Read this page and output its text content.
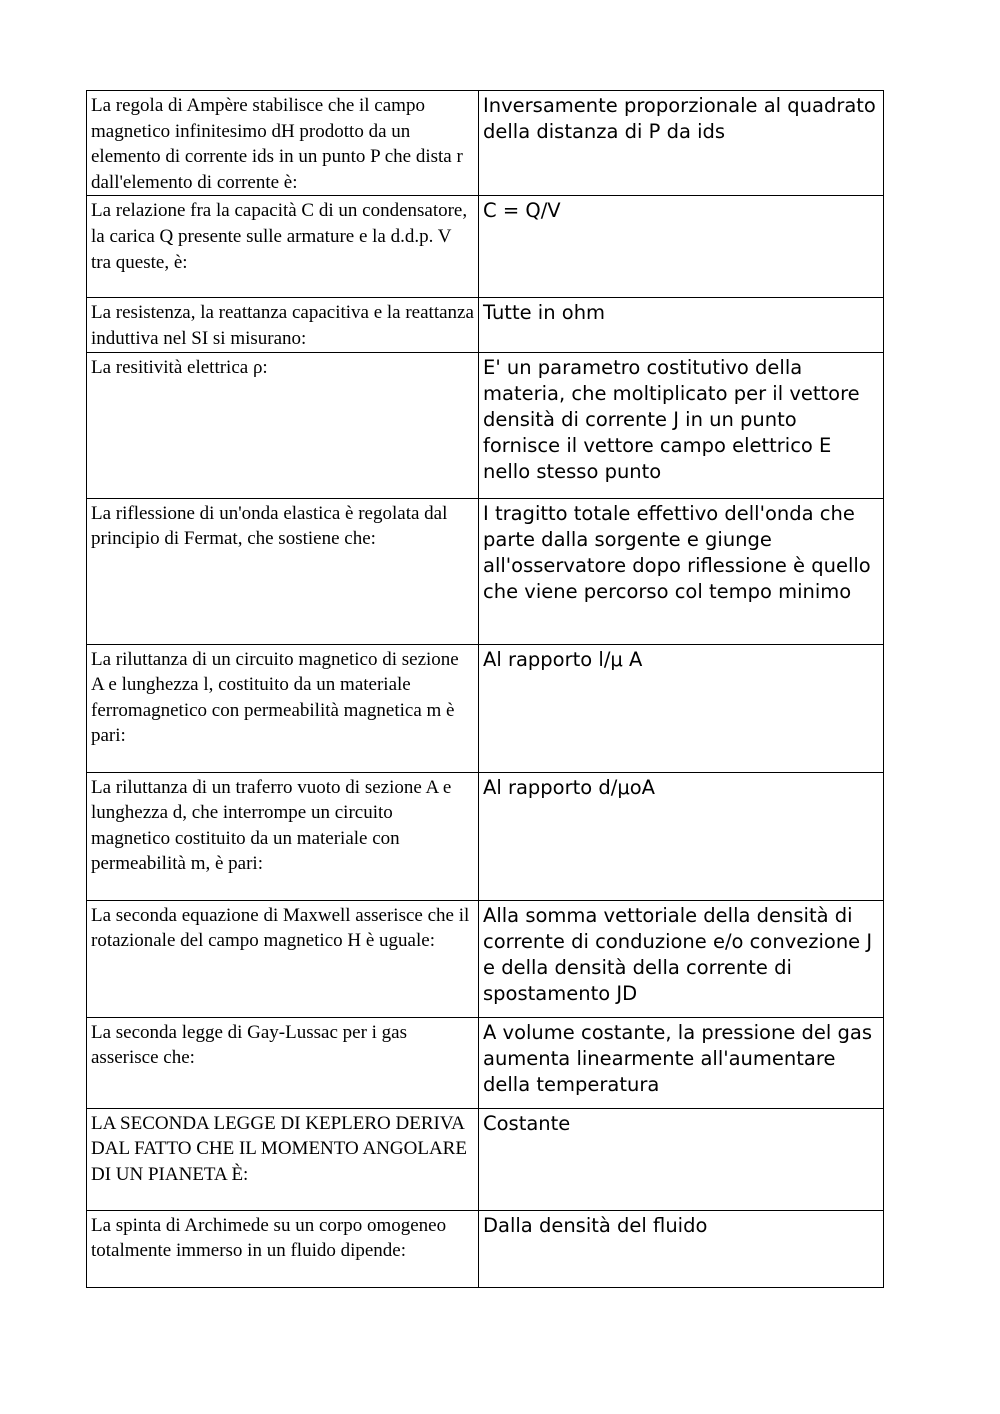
La regola di Ampère stabilisce che il campo magnetico infinitesimo dH prodotto da un elemento di corrente ids in un punto P che dista r dall'elemento di corrente è:	Inversamente proporzionale al quadrato della distanza di P da ids
La relazione fra la capacità C di un condensatore, la carica Q presente sulle armature e la d.d.p. V tra queste, è:	C = Q/V
La resistenza, la reattanza capacitiva e la reattanza induttiva nel SI si misurano:	Tutte in ohm
La resitività elettrica ρ:	E' un parametro costitutivo della materia, che moltiplicato per il vettore densità di corrente J in un punto fornisce il vettore campo elettrico E nello stesso punto
La riflessione di un'onda elastica è regolata dal principio di Fermat, che sostiene che:	I tragitto totale effettivo dell'onda che parte dalla sorgente e giunge all'osservatore dopo riflessione è quello che viene percorso col tempo minimo
La riluttanza di un circuito magnetico di sezione A e lunghezza l, costituito da un materiale ferromagnetico con permeabilità magnetica m è pari:	Al rapporto l/μ A
La riluttanza di un traferro vuoto di sezione A e lunghezza d, che interrompe un circuito magnetico costituito da un materiale con permeabilità m, è pari:	Al rapporto d/μoA
La seconda equazione di Maxwell asserisce che il rotazionale del campo magnetico H è uguale:	Alla somma vettoriale della densità di corrente di conduzione e/o convezione J e della densità della corrente di spostamento JD
La seconda legge di Gay-Lussac per i gas asserisce che:	A volume costante, la pressione del gas aumenta linearmente all'aumentare della temperatura
LA SECONDA LEGGE DI KEPLERO DERIVA DAL FATTO CHE IL MOMENTO ANGOLARE DI UN PIANETA È:	Costante
La spinta di Archimede su un corpo omogeneo totalmente immerso in un fluido dipende:	Dalla densità del fluido
